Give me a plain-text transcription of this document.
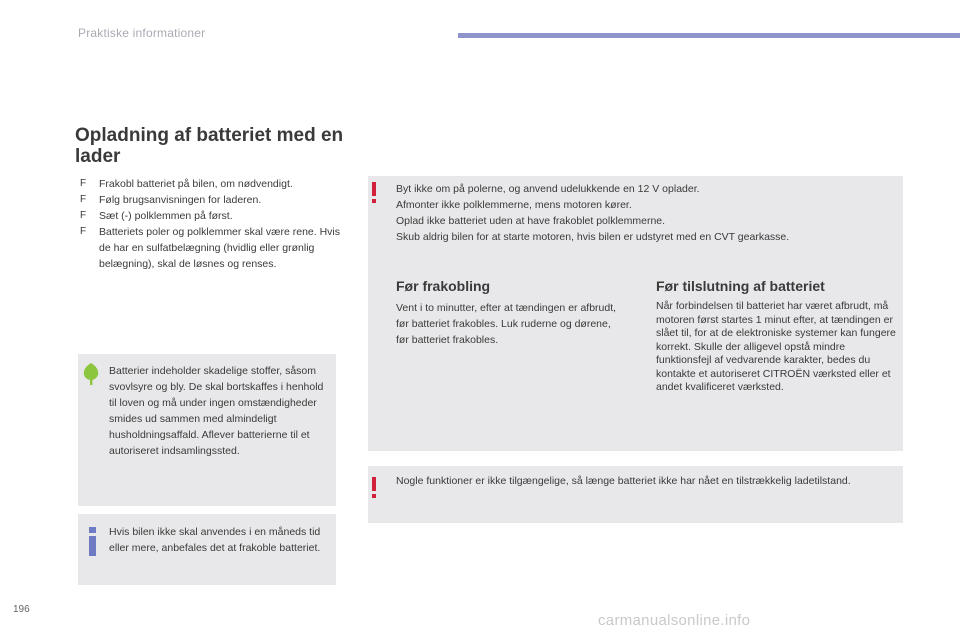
Praktiske informationer
Opladning af batteriet med en lader
F Frakobl batteriet på bilen, om nødvendigt.
F Følg brugsanvisningen for laderen.
F Sæt (-) polklemmen på først.
F Batteriets poler og polklemmer skal være rene. Hvis de har en sulfatbelægning (hvidlig eller grønlig belægning), skal de løsnes og renses.
Batterier indeholder skadelige stoffer, såsom svovlsyre og bly. De skal bortskaffes i henhold til loven og må under ingen omstændigheder smides ud sammen med almindeligt husholdningsaffald. Aflever batterierne til et autoriseret indsamlingssted.
Hvis bilen ikke skal anvendes i en måneds tid eller mere, anbefales det at frakoble batteriet.
Byt ikke om på polerne, og anvend udelukkende en 12 V oplader.
Afmonter ikke polklemmerne, mens motoren kører.
Oplad ikke batteriet uden at have frakoblet polklemmerne.
Skub aldrig bilen for at starte motoren, hvis bilen er udstyret med en CVT gearkasse.
Før frakobling
Vent i to minutter, efter at tændingen er afbrudt, før batteriet frakobles. Luk ruderne og dørene, før batteriet frakobles.
Før tilslutning af batteriet
Når forbindelsen til batteriet har været afbrudt, må motoren først startes 1 minut efter, at tændingen er slået til, for at de elektroniske systemer kan fungere korrekt. Skulle der alligevel opstå mindre funktionsfejl af vedvarende karakter, bedes du kontakte et autoriseret CITROËN værksted eller et andet kvalificeret værksted.
Nogle funktioner er ikke tilgængelige, så længe batteriet ikke har nået en tilstrækkelig ladetilstand.
196
carmanualsonline.info
